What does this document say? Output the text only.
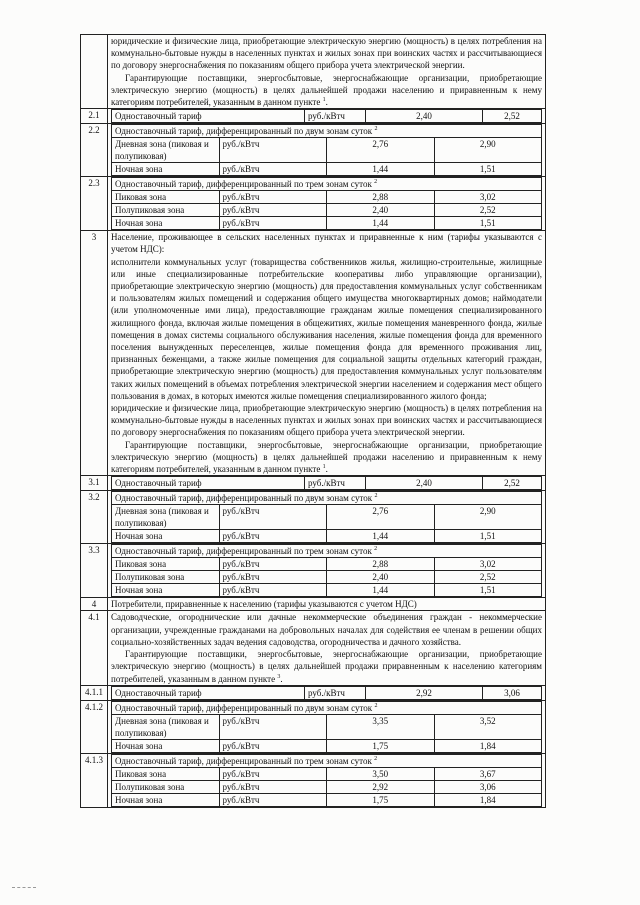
юридические и физические лица, приобретающие электрическую энергию (мощность) в целях потребления на коммунально-бытовые нужды в населенных пунктах и жилых зонах при воинских частях и рассчитывающиеся по договору энергоснабжения по показаниям общего прибора учета электрической энергии.
Гарантирующие поставщики, энергосбытовые, энергоснабжающие организации, приобретающие электрическую энергию (мощность) в целях дальнейшей продажи населению и приравненным к нему категориям потребителей, указанным в данном пункте $^1$.

2.1	Одноставочный тариф	руб./кВтч	2,40	2,52

2.2	Одноставочный тариф, дифференцированный по двум зонам суток $^2$
Дневная зона (пиковая и полупиковая)	руб./кВтч	2,76	2,90
Ночная зона	руб./кВтч	1,44	1,51

2.3	Одноставочный тариф, дифференцированный по трем зонам суток $^2$
Пиковая зона	руб./кВтч	2,88	3,02
Полупиковая зона	руб./кВтч	2,40	2,52
Ночная зона	руб./кВтч	1,44	1,51

3	Население, проживающее в сельских населенных пунктах и приравненные к ним (тарифы указываются с учетом НДС):
исполнители коммунальных услуг (товарищества собственников жилья, жилищно-строительные, жилищные или иные специализированные потребительские кооперативы либо управляющие организации), приобретающие электрическую энергию (мощность) для предоставления коммунальных услуг собственникам и пользователям жилых помещений и содержания общего имущества многоквартирных домов; наймодатели (или уполномоченные ими лица), предоставляющие гражданам жилые помещения специализированного жилищного фонда, включая жилые помещения в общежитиях, жилые помещения маневренного фонда, жилые помещения в домах системы социального обслуживания населения, жилые помещения фонда для временного поселения вынужденных переселенцев, жилые помещения фонда для временного проживания лиц, признанных беженцами, а также жилые помещения для социальной защиты отдельных категорий граждан, приобретающие электрическую энергию (мощность) для предоставления коммунальных услуг пользователям таких жилых помещений в объемах потребления электрической энергии населением и содержания мест общего пользования в домах, в которых имеются жилые помещения специализированного жилого фонда;
юридические и физические лица, приобретающие электрическую энергию (мощность) в целях потребления на коммунально-бытовые нужды в населенных пунктах и жилых зонах при воинских частях и рассчитывающиеся по договору энергоснабжения по показаниям общего прибора учета электрической энергии.
Гарантирующие поставщики, энергосбытовые, энергоснабжающие организации, приобретающие электрическую энергию (мощность) в целях дальнейшей продажи населению и приравненным к нему категориям потребителей, указанным в данном пункте $^1$.

3.1	Одноставочный тариф	руб./кВтч	2,40	2,52

3.2	Одноставочный тариф, дифференцированный по двум зонам суток $^2$
Дневная зона (пиковая и полупиковая)	руб./кВтч	2,76	2,90
Ночная зона	руб./кВтч	1,44	1,51

3.3	Одноставочный тариф, дифференцированный по трем зонам суток $^2$
Пиковая зона	руб./кВтч	2,88	3,02
Полупиковая зона	руб./кВтч	2,40	2,52
Ночная зона	руб./кВтч	1,44	1,51

4	Потребители, приравненные к населению (тарифы указываются с учетом НДС)
4.1	Садоводческие, огороднические или дачные некоммерческие объединения граждан - некоммерческие организации, учрежденные гражданами на добровольных началах для содействия ее членам в решении общих социально-хозяйственных задач ведения садоводства, огородничества и дачного хозяйства.
Гарантирующие поставщики, энергосбытовые, энергоснабжающие организации, приобретающие электрическую энергию (мощность) в целях дальнейшей продажи приравненным к населению категориям потребителей, указанным в данном пункте $^3$.

4.1.1	Одноставочный тариф	руб./кВтч	2,92	3,06

4.1.2	Одноставочный тариф, дифференцированный по двум зонам суток $^2$
Дневная зона (пиковая и полупиковая)	руб./кВтч	3,35	3,52
Ночная зона	руб./кВтч	1,75	1,84

4.1.3	Одноставочный тариф, дифференцированный по трем зонам суток $^2$
Пиковая зона	руб./кВтч	3,50	3,67
Полупиковая зона	руб./кВтч	2,92	3,06
Ночная зона	руб./кВтч	1,75	1,84
